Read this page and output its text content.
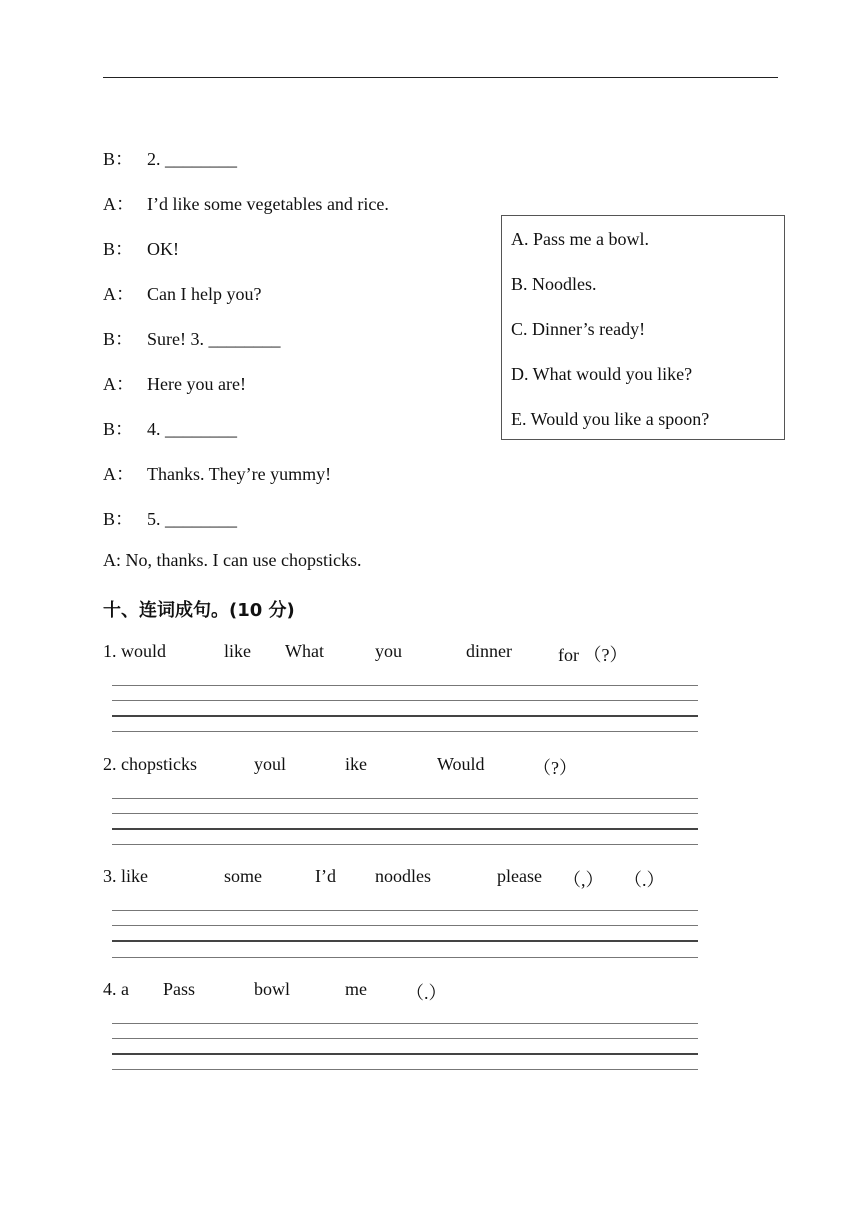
B： 2. ________
A： I’d like some vegetables and rice.
B： OK!
A： Can I help you?
B： Sure! 3. ________
A： Here you are!
B： 4. ________
A： Thanks. They’re yummy!
B： 5. ________
A: No, thanks. I can use chopsticks.
A. Pass me a bowl.
B. Noodles.
C. Dinner’s ready!
D. What would you like?
E. Would you like a spoon?
十、连词成句。(10 分)
1. would	like What	you	dinner	for （?）
2. chopsticks	youl	ike	Would	（?）
3. like	some	I’d noodles	please （,） （.）
4. a Pass	bowl	me （.）
